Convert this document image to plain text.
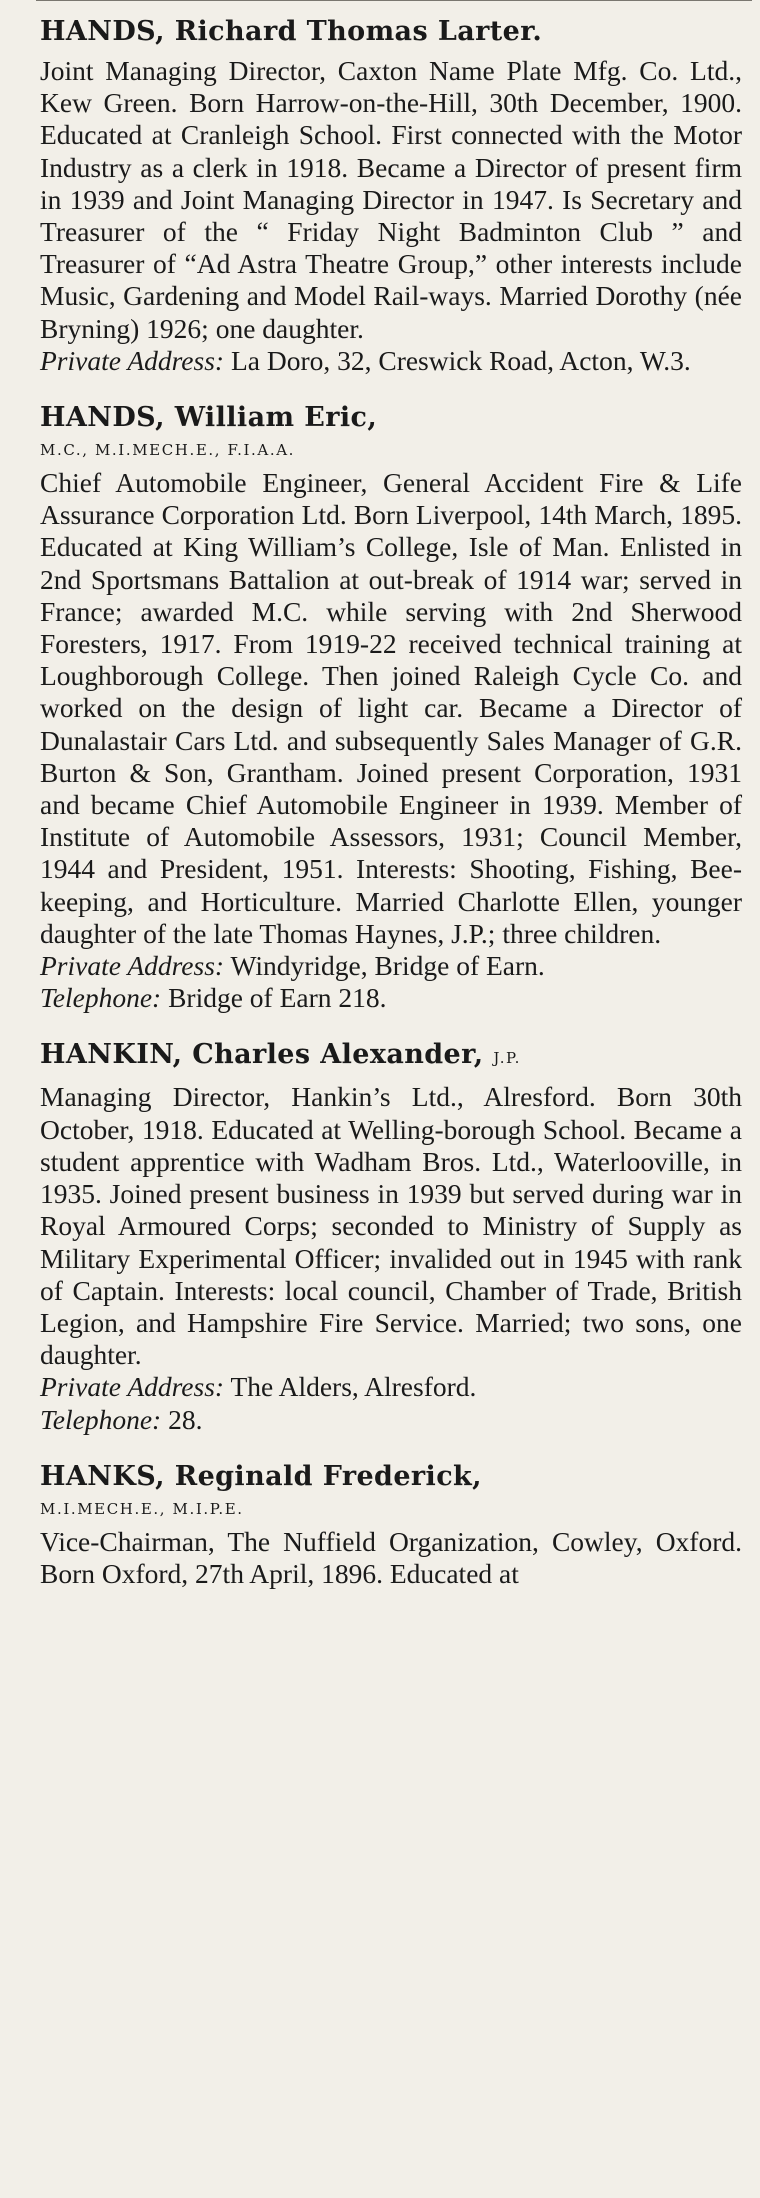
HANDS, Richard Thomas Larter.

Joint Managing Director, Caxton Name Plate Mfg. Co. Ltd., Kew Green. Born Harrow-on-the-Hill, 30th December, 1900. Educated at Cranleigh School. First connected with the Motor Industry as a clerk in 1918. Became a Director of present firm in 1939 and Joint Managing Director in 1947. Is Secretary and Treasurer of the “ Friday Night Badminton Club ” and Treasurer of “Ad Astra Theatre Group,” other interests include Music, Gardening and Model Rail-ways. Married Dorothy (née Bryning) 1926; one daughter.

Private Address: La Doro, 32, Creswick Road, Acton, W.3.

HANDS, William Eric,
M.C., M.I.MECH.E., F.I.A.A.

Chief Automobile Engineer, General Accident Fire & Life Assurance Corporation Ltd. Born Liverpool, 14th March, 1895. Educated at King William’s College, Isle of Man. Enlisted in 2nd Sportsmans Battalion at out-break of 1914 war; served in France; awarded M.C. while serving with 2nd Sherwood Foresters, 1917. From 1919-22 received technical training at Loughborough College. Then joined Raleigh Cycle Co. and worked on the design of light car. Became a Director of Dunalastair Cars Ltd. and subsequently Sales Manager of G.R. Burton & Son, Grantham. Joined present Corporation, 1931 and became Chief Automobile Engineer in 1939. Member of Institute of Automobile Assessors, 1931; Council Member, 1944 and President, 1951. Interests: Shooting, Fishing, Bee-keeping, and Horticulture. Married Charlotte Ellen, younger daughter of the late Thomas Haynes, J.P.; three children.

Private Address: Windyridge, Bridge of Earn.

Telephone: Bridge of Earn 218.

HANKIN, Charles Alexander, J.P.

Managing Director, Hankin’s Ltd., Alresford. Born 30th October, 1918. Educated at Welling-borough School. Became a student apprentice with Wadham Bros. Ltd., Waterlooville, in 1935. Joined present business in 1939 but served during war in Royal Armoured Corps; seconded to Ministry of Supply as Military Experimental Officer; invalided out in 1945 with rank of Captain. Interests: local council, Chamber of Trade, British Legion, and Hampshire Fire Service. Married; two sons, one daughter.

Private Address: The Alders, Alresford.

Telephone: 28.

HANKS, Reginald Frederick,
M.I.MECH.E., M.I.P.E.

Vice-Chairman, The Nuffield Organization, Cowley, Oxford. Born Oxford, 27th April, 1896. Educated at
